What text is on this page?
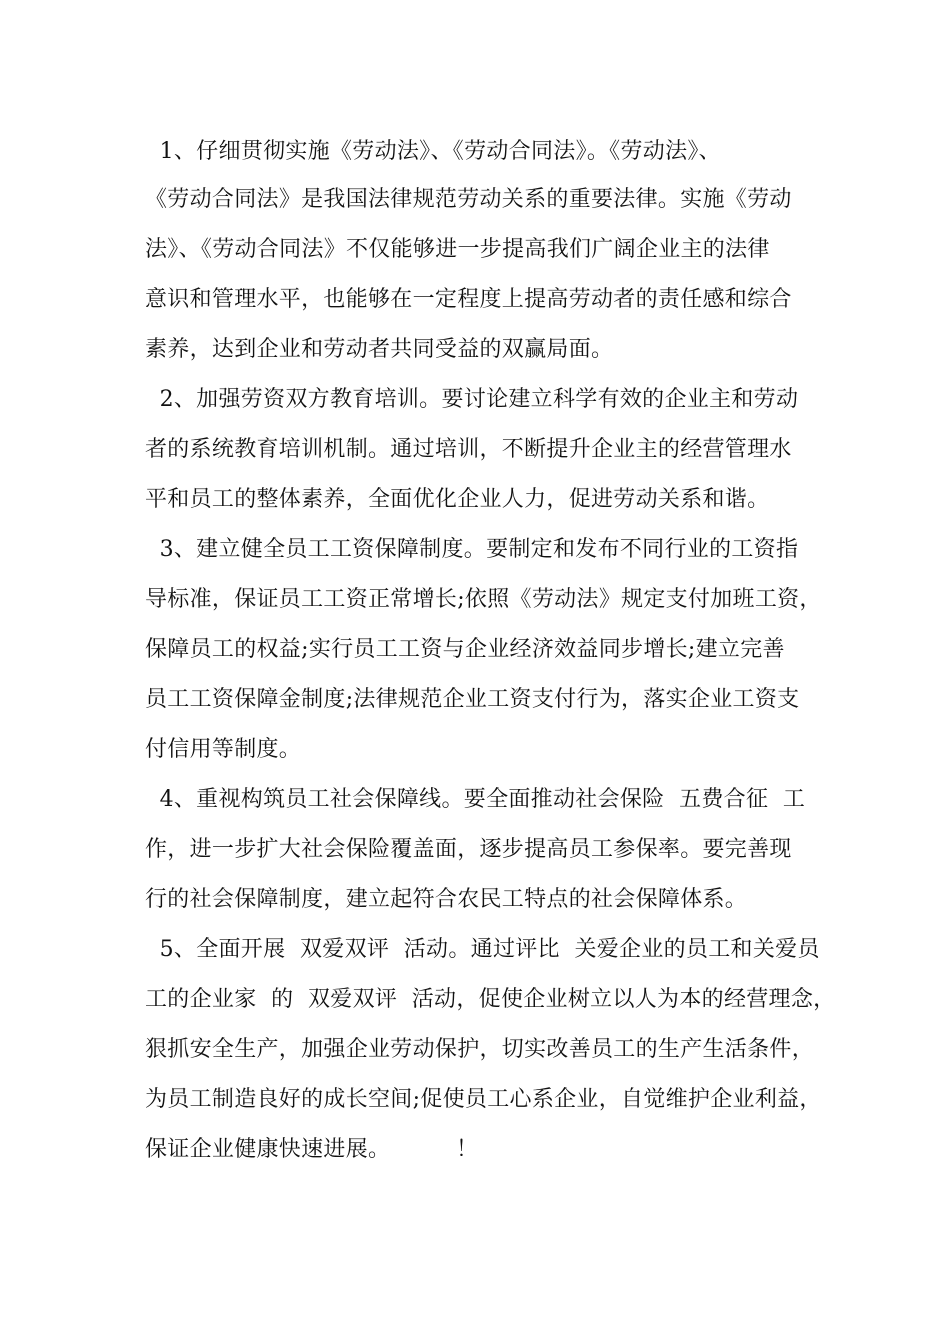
1、仔细贯彻实施《劳动法》、《劳动合同法》。《劳动法》、
《劳动合同法》是我国法律规范劳动关系的重要法律。实施《劳动
法》、《劳动合同法》不仅能够进一步提高我们广阔企业主的法律
意识和管理水平，也能够在一定程度上提高劳动者的责任感和综合
素养，达到企业和劳动者共同受益的双赢局面。
2、加强劳资双方教育培训。要讨论建立科学有效的企业主和劳动
者的系统教育培训机制。通过培训，不断提升企业主的经营管理水
平和员工的整体素养，全面优化企业人力，促进劳动关系和谐。
3、建立健全员工工资保障制度。要制定和发布不同行业的工资指
导标准，保证员工工资正常增长;依照《劳动法》规定支付加班工资，
保障员工的权益;实行员工工资与企业经济效益同步增长;建立完善
员工工资保障金制度;法律规范企业工资支付行为，落实企业工资支
付信用等制度。
4、重视构筑员工社会保障线。要全面推动社会保险  五费合征  工
作，进一步扩大社会保险覆盖面，逐步提高员工参保率。要完善现
行的社会保障制度，建立起符合农民工特点的社会保障体系。
5、全面开展  双爱双评  活动。通过评比  关爱企业的员工和关爱员
工的企业家  的  双爱双评  活动，促使企业树立以人为本的经营理念，
狠抓安全生产，加强企业劳动保护，切实改善员工的生产生活条件，
为员工制造良好的成长空间;促使员工心系企业，自觉维护企业利益，
保证企业健康快速进展。         ！
